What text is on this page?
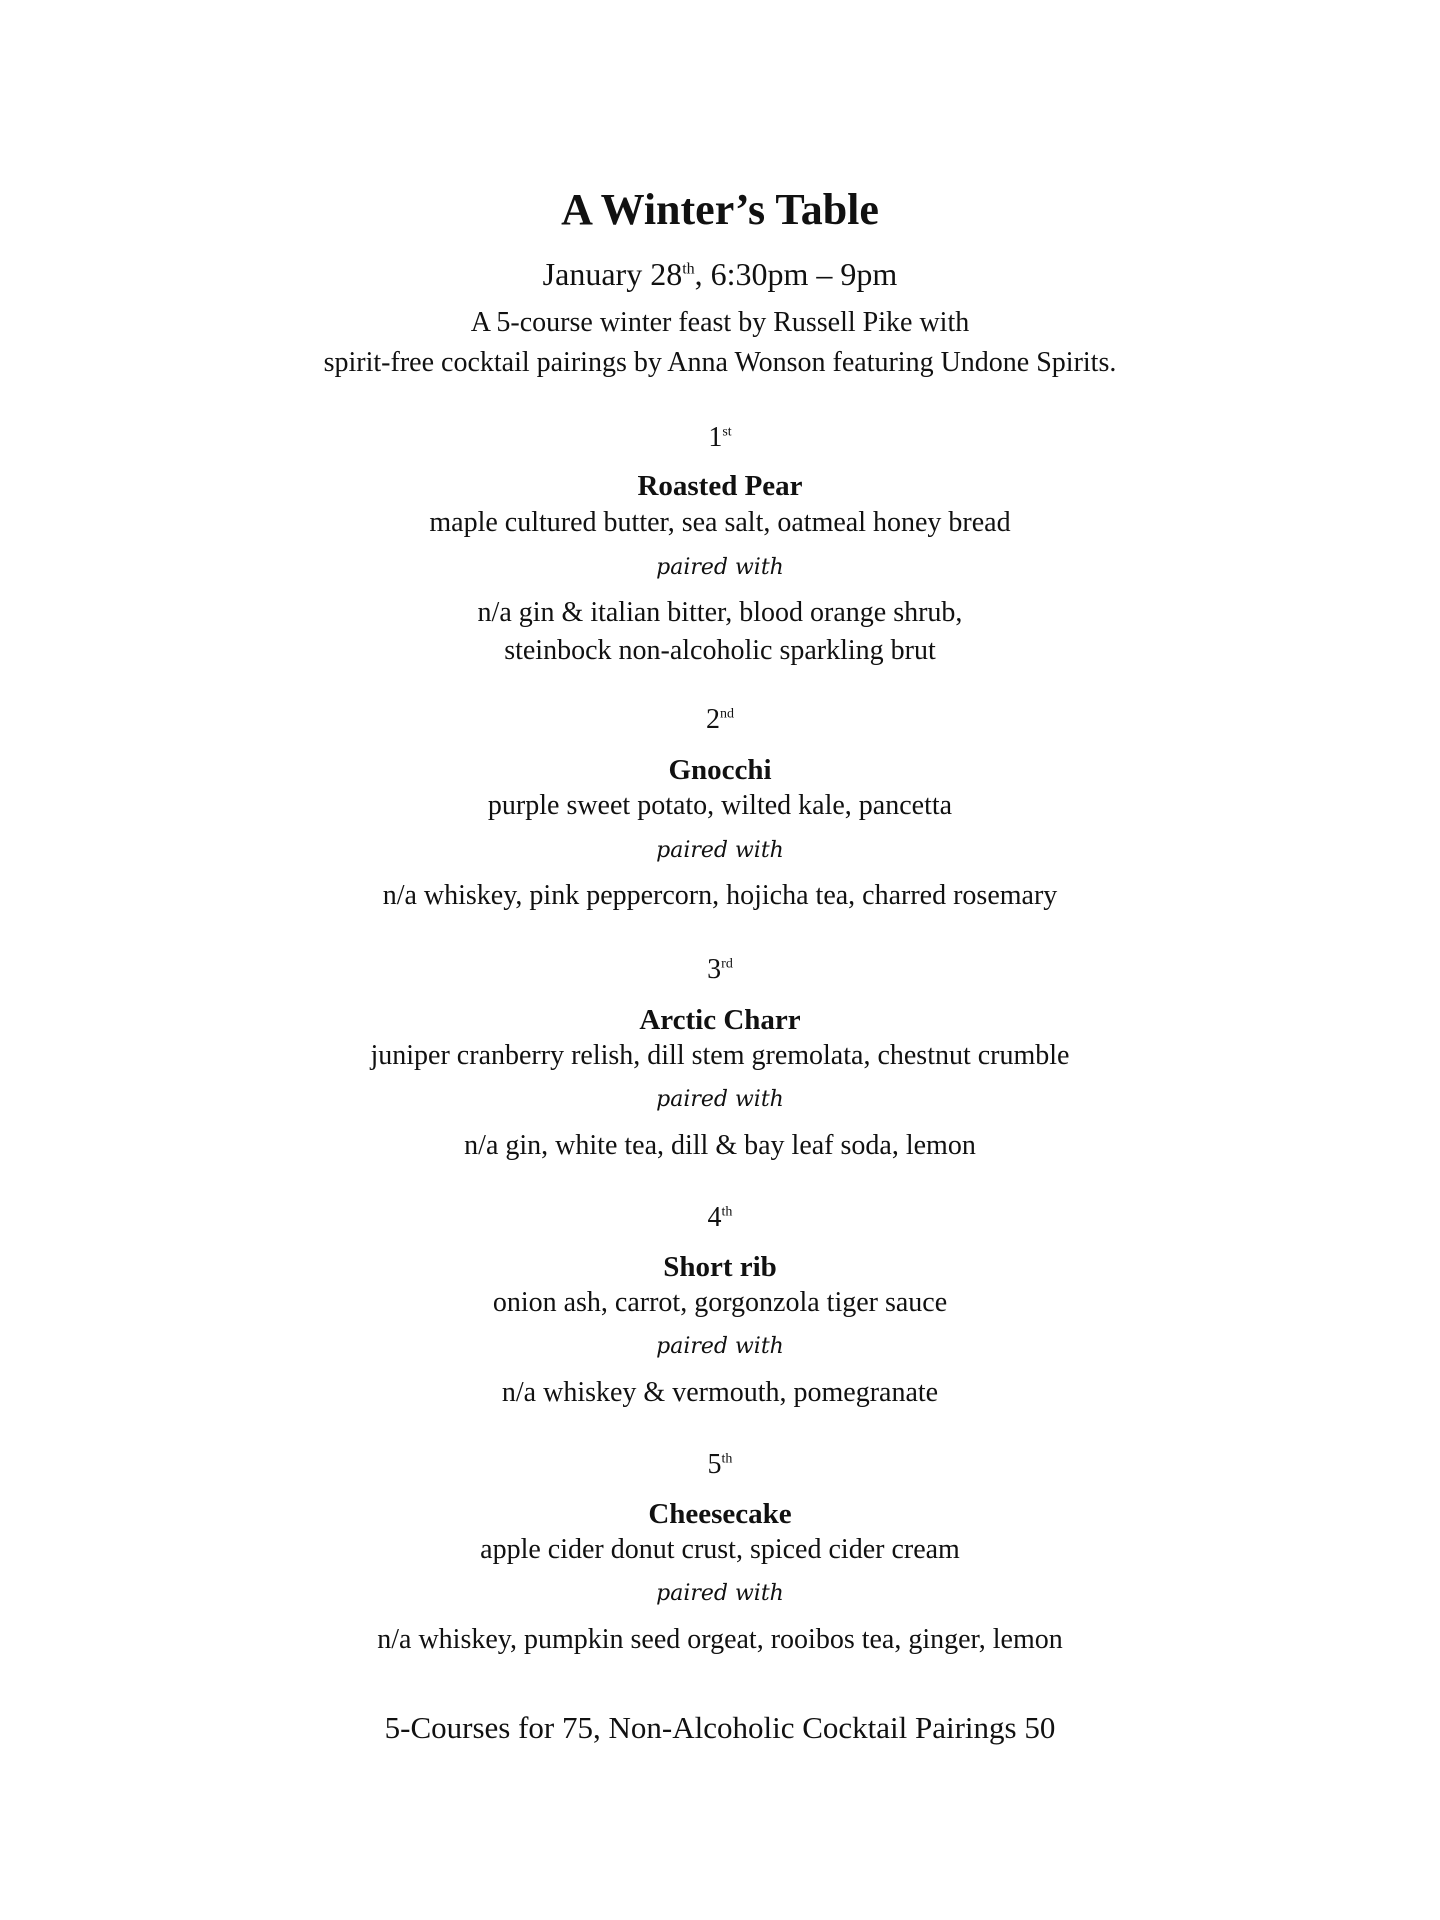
A Winter’s Table
January 28th, 6:30pm – 9pm
A 5-course winter feast by Russell Pike with
spirit-free cocktail pairings by Anna Wonson featuring Undone Spirits.
1st
Roasted Pear
maple cultured butter, sea salt, oatmeal honey bread
paired with
n/a gin & italian bitter, blood orange shrub,
steinbock non-alcoholic sparkling brut
2nd
Gnocchi
purple sweet potato, wilted kale, pancetta
paired with
n/a whiskey, pink peppercorn, hojicha tea, charred rosemary
3rd
Arctic Charr
juniper cranberry relish, dill stem gremolata, chestnut crumble
paired with
n/a gin, white tea, dill & bay leaf soda, lemon
4th
Short rib
onion ash, carrot, gorgonzola tiger sauce
paired with
n/a whiskey & vermouth, pomegranate
5th
Cheesecake
apple cider donut crust, spiced cider cream
paired with
n/a whiskey, pumpkin seed orgeat, rooibos tea, ginger, lemon
5-Courses for 75, Non-Alcoholic Cocktail Pairings 50
